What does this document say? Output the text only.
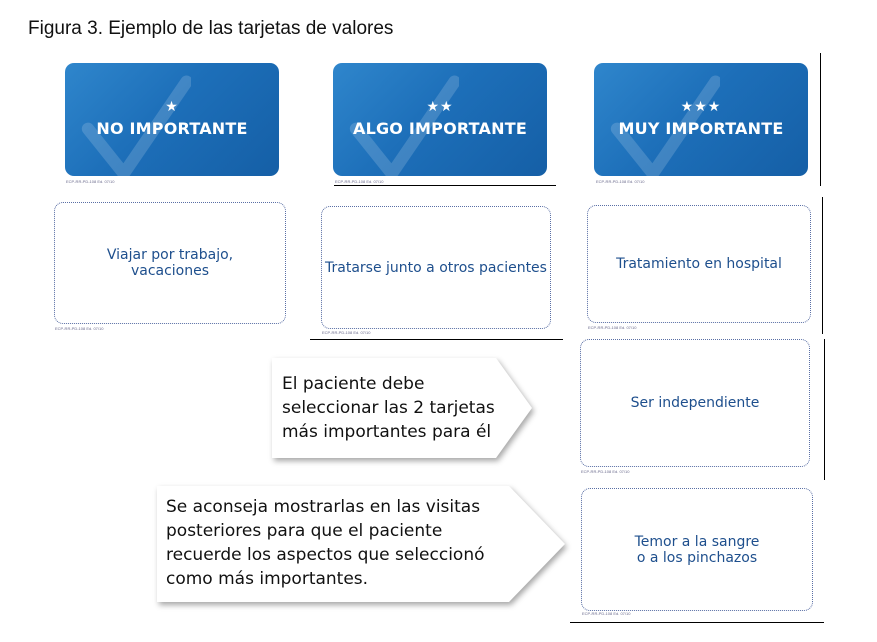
Figura 3. Ejemplo de las tarjetas de valores
★
NO IMPORTANTE
ECP-RR-PD-108 Ed. 07/10
★★
ALGO IMPORTANTE
ECP-RR-PD-108 Ed. 07/10
★★★
MUY IMPORTANTE
ECP-RR-PD-108 Ed. 07/10
Viajar por trabajo,
vacaciones
ECP-RR-PD-108 Ed. 07/10
Tratarse junto a otros pacientes
ECP-RR-PD-108 Ed. 07/10
Tratamiento en hospital
ECP-RR-PD-108 Ed. 07/10
Ser independiente
ECP-RR-PD-108 Ed. 07/10
Temor a la sangre
o a los pinchazos
ECP-RR-PD-108 Ed. 07/10
El paciente debe
seleccionar las 2 tarjetas
más importantes para él
Se aconseja mostrarlas en las visitas
posteriores para que el paciente
recuerde los aspectos que seleccionó
como más importantes.
